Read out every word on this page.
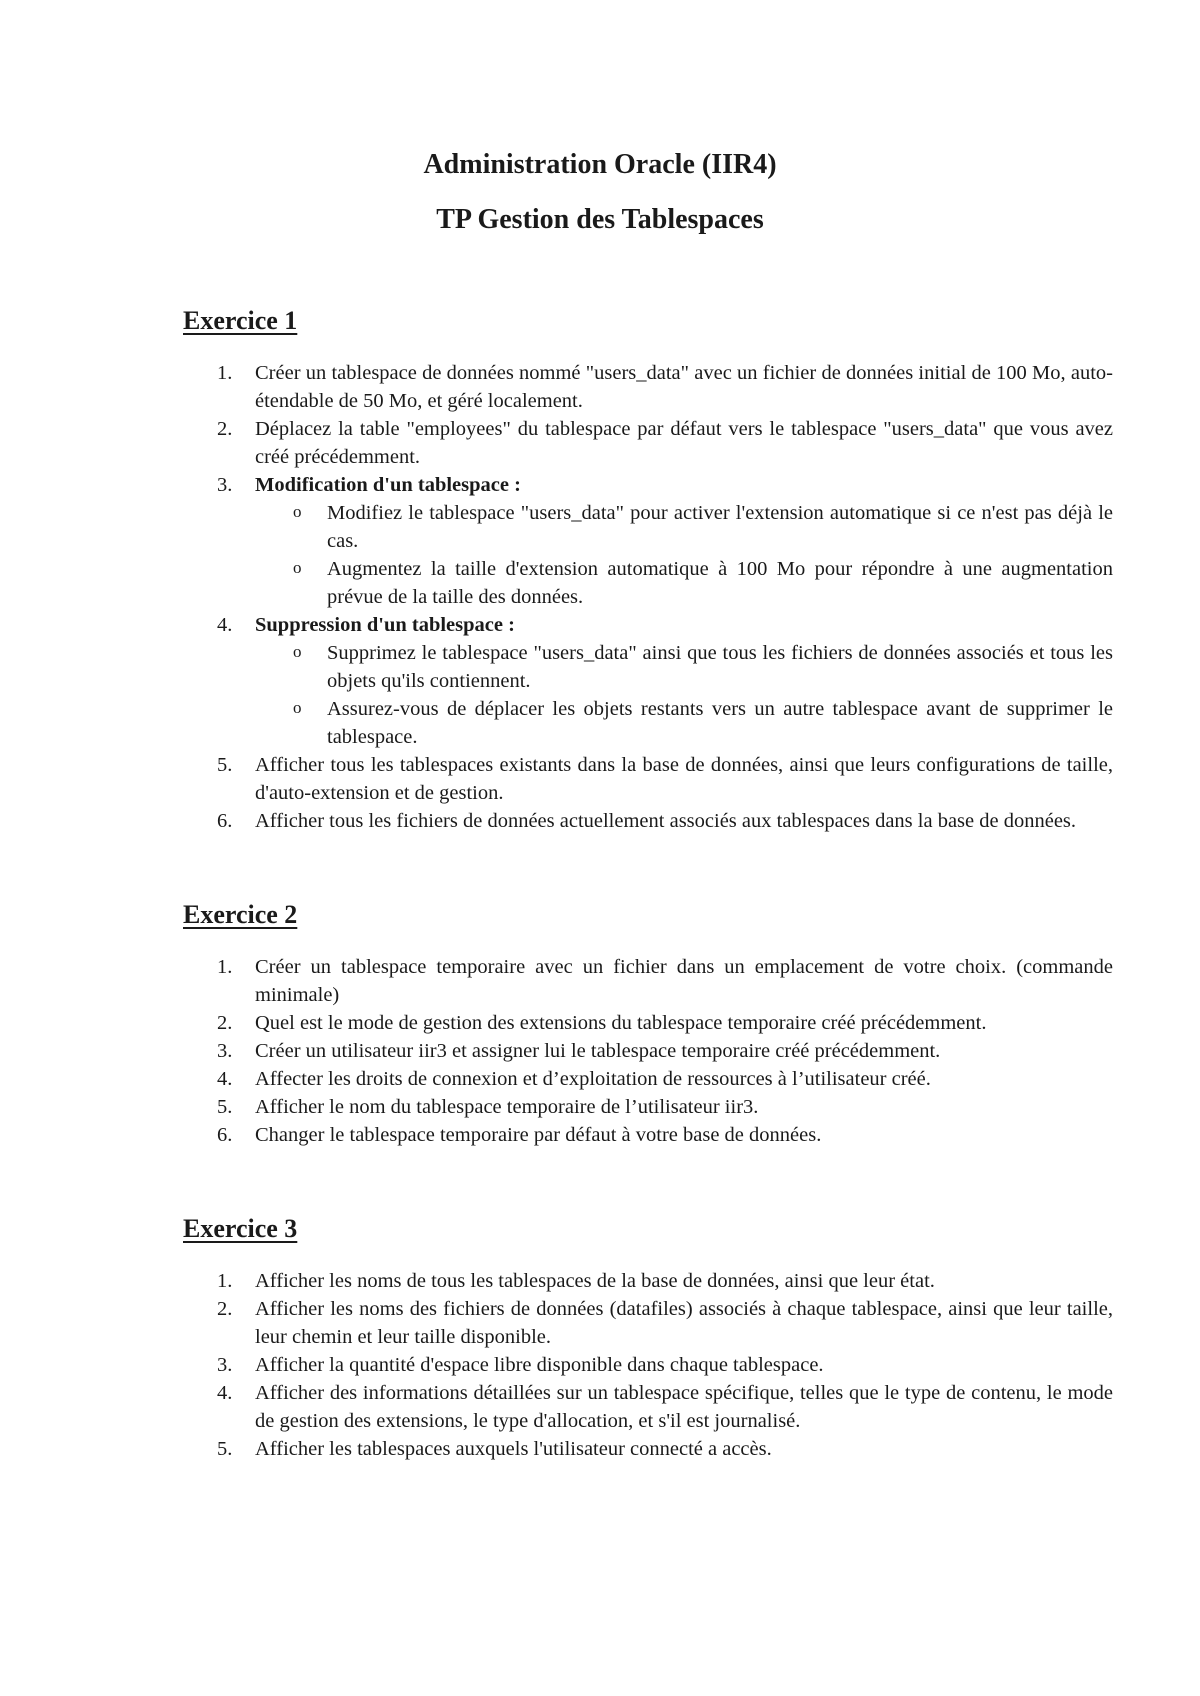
Administration Oracle (IIR4)
TP Gestion des Tablespaces
Exercice 1
1. Créer un tablespace de données nommé "users_data" avec un fichier de données initial de 100 Mo, auto-étendable de 50 Mo, et géré localement.
2. Déplacez la table "employees" du tablespace par défaut vers le tablespace "users_data" que vous avez créé précédemment.
3. Modification d'un tablespace :
o Modifiez le tablespace "users_data" pour activer l'extension automatique si ce n'est pas déjà le cas.
o Augmentez la taille d'extension automatique à 100 Mo pour répondre à une augmentation prévue de la taille des données.
4. Suppression d'un tablespace :
o Supprimez le tablespace "users_data" ainsi que tous les fichiers de données associés et tous les objets qu'ils contiennent.
o Assurez-vous de déplacer les objets restants vers un autre tablespace avant de supprimer le tablespace.
5. Afficher tous les tablespaces existants dans la base de données, ainsi que leurs configurations de taille, d'auto-extension et de gestion.
6. Afficher tous les fichiers de données actuellement associés aux tablespaces dans la base de données.
Exercice 2
1. Créer un tablespace temporaire avec un fichier dans un emplacement de votre choix. (commande minimale)
2. Quel est le mode de gestion des extensions du tablespace temporaire créé précédemment.
3. Créer un utilisateur iir3 et assigner lui le tablespace temporaire créé précédemment.
4. Affecter les droits de connexion et d’exploitation de ressources à l’utilisateur créé.
5. Afficher le nom du tablespace temporaire de l’utilisateur iir3.
6. Changer le tablespace temporaire par défaut à votre base de données.
Exercice 3
1. Afficher les noms de tous les tablespaces de la base de données, ainsi que leur état.
2. Afficher les noms des fichiers de données (datafiles) associés à chaque tablespace, ainsi que leur taille, leur chemin et leur taille disponible.
3. Afficher la quantité d'espace libre disponible dans chaque tablespace.
4. Afficher des informations détaillées sur un tablespace spécifique, telles que le type de contenu, le mode de gestion des extensions, le type d'allocation, et s'il est journalisé.
5. Afficher les tablespaces auxquels l'utilisateur connecté a accès.
